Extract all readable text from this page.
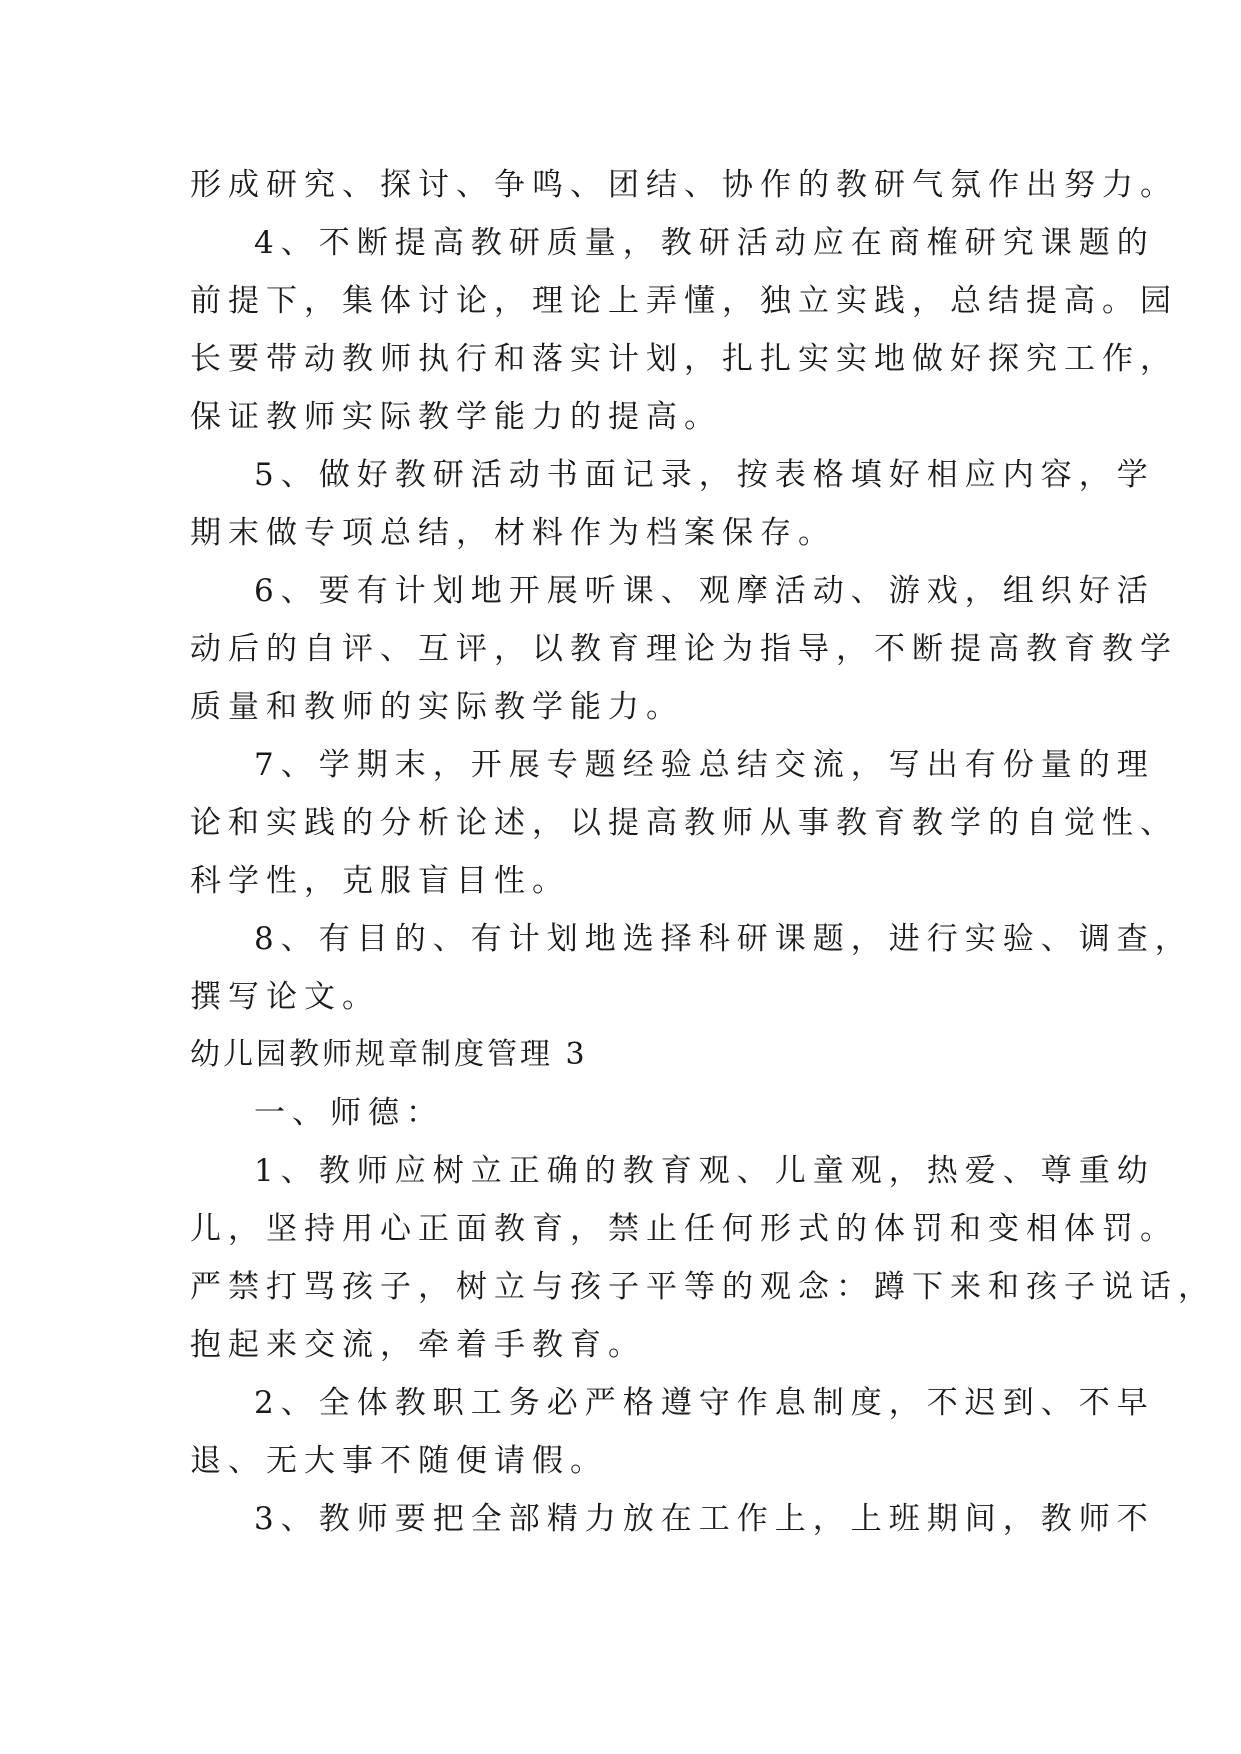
形成研究、探讨、争鸣、团结、协作的教研气氛作出努力。
4、不断提高教研质量，教研活动应在商榷研究课题的
前提下，集体讨论，理论上弄懂，独立实践，总结提高。园
长要带动教师执行和落实计划，扎扎实实地做好探究工作，
保证教师实际教学能力的提高。
5、做好教研活动书面记录，按表格填好相应内容，学
期末做专项总结，材料作为档案保存。
6、要有计划地开展听课、观摩活动、游戏，组织好活
动后的自评、互评，以教育理论为指导，不断提高教育教学
质量和教师的实际教学能力。
7、学期末，开展专题经验总结交流，写出有份量的理
论和实践的分析论述，以提高教师从事教育教学的自觉性、
科学性，克服盲目性。
8、有目的、有计划地选择科研课题，进行实验、调查，
撰写论文。
幼儿园教师规章制度管理 3
一、师德：
1、教师应树立正确的教育观、儿童观，热爱、尊重幼
儿，坚持用心正面教育，禁止任何形式的体罚和变相体罚。
严禁打骂孩子，树立与孩子平等的观念：蹲下来和孩子说话，
抱起来交流，牵着手教育。
2、全体教职工务必严格遵守作息制度，不迟到、不早
退、无大事不随便请假。
3、教师要把全部精力放在工作上，上班期间，教师不
